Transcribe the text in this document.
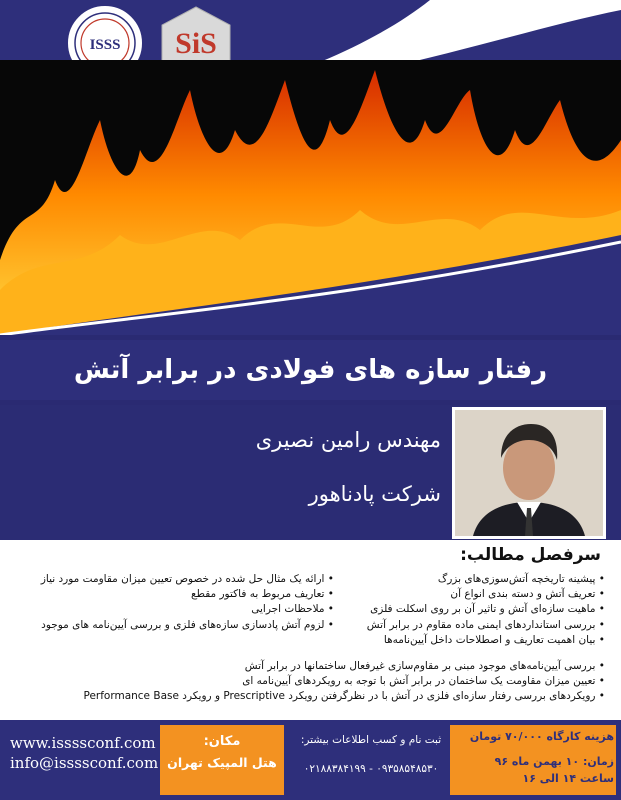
ISSS SiS
رفتار سازه های فولادی در برابر آتش
مهندس رامین نصیری
شرکت پادناهور
سرفصل مطالب:
• پیشینه تاریخچه آتش‌سوزی‌های بزرگ
• تعریف آتش و دسته بندی انواع آن
• ماهیت سازه‌ای آتش و تاثیر آن بر روی اسکلت فلزی
• بررسی استانداردهای ایمنی ماده مقاوم در برابر آتش
• بیان اهمیت تعاریف و اصطلاحات داخل آیین‌نامه‌ها
• ارائه یک مثال حل شده در خصوص تعیین میزان مقاومت مورد نیاز
• تعاریف مربوط به فاکتور مقطع
• ملاحظات اجرایی
• لزوم آتش پادسازی سازه‌های فلزی و بررسی آیین‌نامه های موجود
• بررسی آیین‌نامه‌های موجود مبنی بر مقاوم‌سازی غیرفعال ساختمانها در برابر آتش
• تعیین میزان مقاومت یک ساختمان در برابر آتش با توجه به رویکردهای آیین‌نامه ای
• رویکردهای بررسی رفتار سازه‌ای فلزی در آتش با در نظرگرفتن رویکرد Prescriptive و رویکرد Performance Base
www.issssconf.com
info@issssconf.com
مکان:
هتل المپیک تهران
ثبت نام و کسب اطلاعات بیشتر:
۰۹۳۵۸۵۴۸۵۳۰ - ۰۲۱۸۸۳۸۴۱۹۹
هزینه کارگاه ۷۰/۰۰۰ تومان
زمان: ۱۰ بهمن ماه ۹۶
ساعت ۱۴ الی ۱۶
